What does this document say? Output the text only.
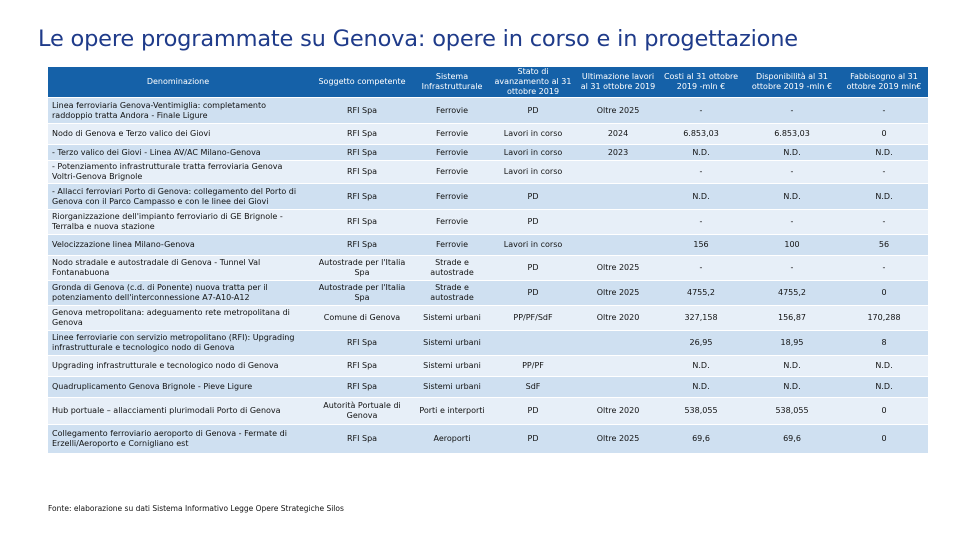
Le opere programmate su Genova: opere in corso e in progettazione
Denominazione	Soggetto competente	Sistema Infrastrutturale	Stato di avanzamento al 31 ottobre 2019	Ultimazione lavori al 31 ottobre 2019	Costi al 31 ottobre 2019 -mln €	Disponibilità al 31 ottobre 2019 -mln €	Fabbisogno al 31 ottobre 2019 mln€
Linea ferroviaria Genova-Ventimiglia: completamento raddoppio tratta Andora - Finale Ligure	RFI Spa	Ferrovie	PD	Oltre 2025	-	-	-
Nodo di Genova e Terzo valico dei Giovi	RFI Spa	Ferrovie	Lavori in corso	2024	6.853,03	6.853,03	0
- Terzo valico dei Giovi - Linea AV/AC Milano-Genova	RFI Spa	Ferrovie	Lavori in corso	2023	N.D.	N.D.	N.D.
- Potenziamento infrastrutturale tratta ferroviaria Genova Voltri-Genova Brignole	RFI Spa	Ferrovie	Lavori in corso		-	-	-
- Allacci ferroviari Porto di Genova: collegamento del Porto di Genova con il Parco Campasso e con le linee dei Giovi	RFI Spa	Ferrovie	PD		N.D.	N.D.	N.D.
Riorganizzazione dell'impianto ferroviario di GE Brignole - Terralba e nuova stazione	RFI Spa	Ferrovie	PD		-	-	-
Velocizzazione linea Milano-Genova	RFI Spa	Ferrovie	Lavori in corso		156	100	56
Nodo stradale e autostradale di Genova - Tunnel Val Fontanabuona	Autostrade per l'Italia Spa	Strade e autostrade	PD	Oltre 2025	-	-	-
Gronda di Genova (c.d. di Ponente) nuova tratta per il potenziamento dell'interconnessione A7-A10-A12	Autostrade per l'Italia Spa	Strade e autostrade	PD	Oltre 2025	4755,2	4755,2	0
Genova metropolitana: adeguamento rete metropolitana di Genova	Comune di Genova	Sistemi urbani	PP/PF/SdF	Oltre 2020	327,158	156,87	170,288
Linee ferroviarie con servizio metropolitano (RFI): Upgrading infrastrutturale e tecnologico nodo di Genova	RFI Spa	Sistemi urbani			26,95	18,95	8
Upgrading infrastrutturale e tecnologico nodo di Genova	RFI Spa	Sistemi urbani	PP/PF		N.D.	N.D.	N.D.
Quadruplicamento Genova Brignole - Pieve Ligure	RFI Spa	Sistemi urbani	SdF		N.D.	N.D.	N.D.
Hub portuale – allacciamenti plurimodali Porto di Genova	Autorità Portuale di Genova	Porti e interporti	PD	Oltre 2020	538,055	538,055	0
Collegamento ferroviario aeroporto di Genova - Fermate di Erzelli/Aeroporto e Cornigliano est	RFI Spa	Aeroporti	PD	Oltre 2025	69,6	69,6	0
Fonte: elaborazione su dati Sistema Informativo Legge Opere Strategiche Silos
